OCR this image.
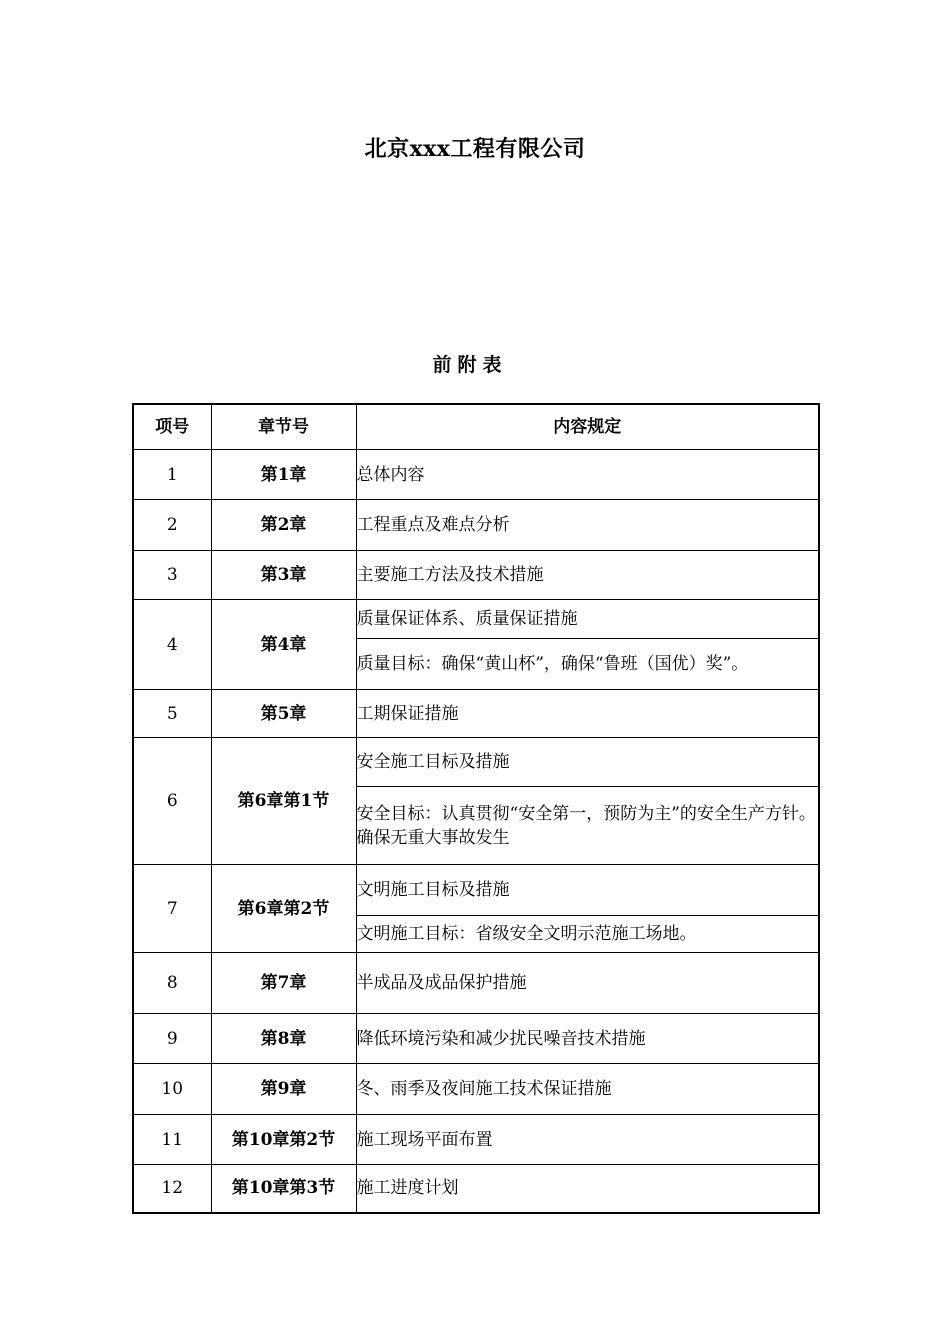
北京xxx工程有限公司
前附表
项号	章节号	内容规定
1	第1章	总体内容
2	第2章	工程重点及难点分析
3	第3章	主要施工方法及技术措施
4	第4章	质量保证体系、质量保证措施
		质量目标：确保“黄山杯”，确保“鲁班（国优）奖”。
5	第5章	工期保证措施
6	第6章第1节	安全施工目标及措施
		安全目标：认真贯彻“安全第一，预防为主”的安全生产方针。确保无重大事故发生
7	第6章第2节	文明施工目标及措施
		文明施工目标：省级安全文明示范施工场地。
8	第7章	半成品及成品保护措施
9	第8章	降低环境污染和减少扰民噪音技术措施
10	第9章	冬、雨季及夜间施工技术保证措施
11	第10章第2节	施工现场平面布置
12	第10章第3节	施工进度计划
